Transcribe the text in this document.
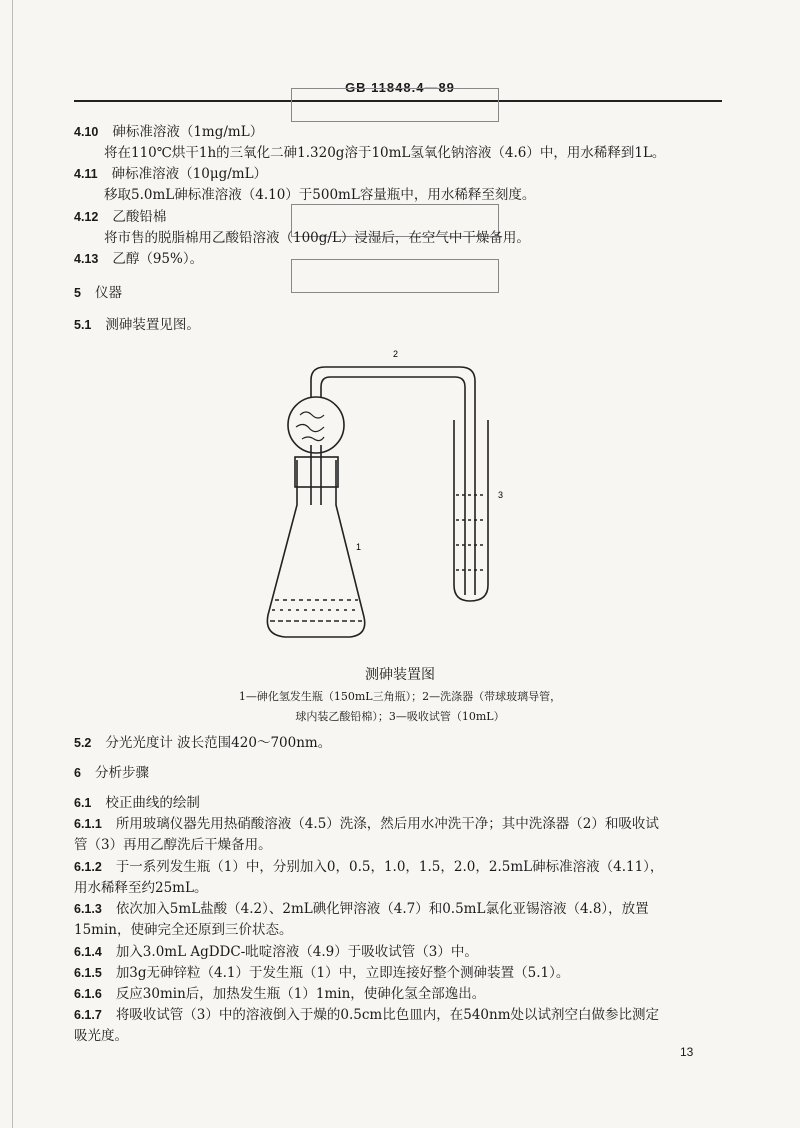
GB 11848.4—89
4.10 砷标准溶液（1mg/mL）
将在110℃烘干1h的三氧化二砷1.320g溶于10mL氢氧化钠溶液（4.6）中，用水稀释到1L。
4.11 砷标准溶液（10μg/mL）
移取5.0mL砷标准溶液（4.10）于500mL容量瓶中，用水稀释至刻度。
4.12 乙酸铅棉
将市售的脱脂棉用乙酸铅溶液（100g/L）浸湿后，在空气中干燥备用。
4.13 乙醇（95%）。
5 仪器
5.1 测砷装置见图。
2
1
3
测砷装置图
1—砷化氢发生瓶（150mL三角瓶）；2—洗涤器（带球玻璃导管，
球内装乙酸铅棉）；3—吸收试管（10mL）
5.2 分光光度计 波长范围420～700nm。
6 分析步骤
6.1 校正曲线的绘制
6.1.1 所用玻璃仪器先用热硝酸溶液（4.5）洗涤，然后用水冲洗干净；其中洗涤器（2）和吸收试
管（3）再用乙醇洗后干燥备用。
6.1.2 于一系列发生瓶（1）中，分别加入0，0.5，1.0，1.5，2.0，2.5mL砷标准溶液（4.11），
用水稀释至约25mL。
6.1.3 依次加入5mL盐酸（4.2）、2mL碘化钾溶液（4.7）和0.5mL氯化亚锡溶液（4.8），放置
15min，使砷完全还原到三价状态。
6.1.4 加入3.0mL AgDDC-吡啶溶液（4.9）于吸收试管（3）中。
6.1.5 加3g无砷锌粒（4.1）于发生瓶（1）中，立即连接好整个测砷装置（5.1）。
6.1.6 反应30min后，加热发生瓶（1）1min，使砷化氢全部逸出。
6.1.7 将吸收试管（3）中的溶液倒入于燥的0.5cm比色皿内，在540nm处以试剂空白做参比测定
吸光度。
13
